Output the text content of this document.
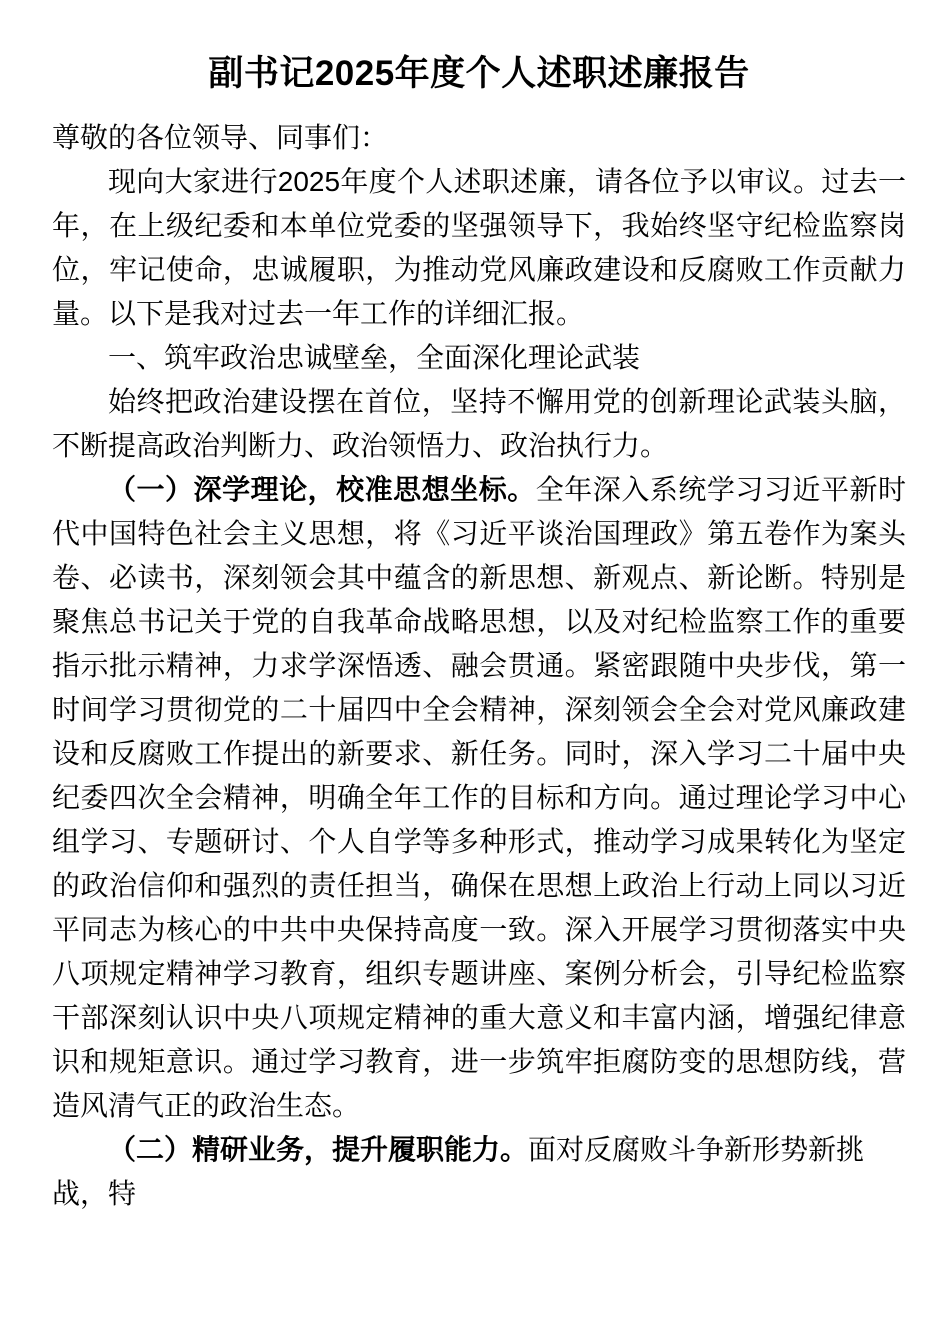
副书记2025年度个人述职述廉报告

尊敬的各位领导、同事们：

现向大家进行2025年度个人述职述廉，请各位予以审议。过去一年，在上级纪委和本单位党委的坚强领导下，我始终坚守纪检监察岗位，牢记使命，忠诚履职，为推动党风廉政建设和反腐败工作贡献力量。以下是我对过去一年工作的详细汇报。

一、筑牢政治忠诚壁垒，全面深化理论武装

始终把政治建设摆在首位，坚持不懈用党的创新理论武装头脑，不断提高政治判断力、政治领悟力、政治执行力。

（一）深学理论，校准思想坐标。全年深入系统学习习近平新时代中国特色社会主义思想，将《习近平谈治国理政》第五卷作为案头卷、必读书，深刻领会其中蕴含的新思想、新观点、新论断。特别是聚焦总书记关于党的自我革命战略思想，以及对纪检监察工作的重要指示批示精神，力求学深悟透、融会贯通。紧密跟随中央步伐，第一时间学习贯彻党的二十届四中全会精神，深刻领会全会对党风廉政建设和反腐败工作提出的新要求、新任务。同时，深入学习二十届中央纪委四次全会精神，明确全年工作的目标和方向。通过理论学习中心组学习、专题研讨、个人自学等多种形式，推动学习成果转化为坚定的政治信仰和强烈的责任担当，确保在思想上政治上行动上同以习近平同志为核心的中共中央保持高度一致。深入开展学习贯彻落实中央八项规定精神学习教育，组织专题讲座、案例分析会，引导纪检监察干部深刻认识中央八项规定精神的重大意义和丰富内涵，增强纪律意识和规矩意识。通过学习教育，进一步筑牢拒腐防变的思想防线，营造风清气正的政治生态。

（二）精研业务，提升履职能力。面对反腐败斗争新形势新挑战，特
